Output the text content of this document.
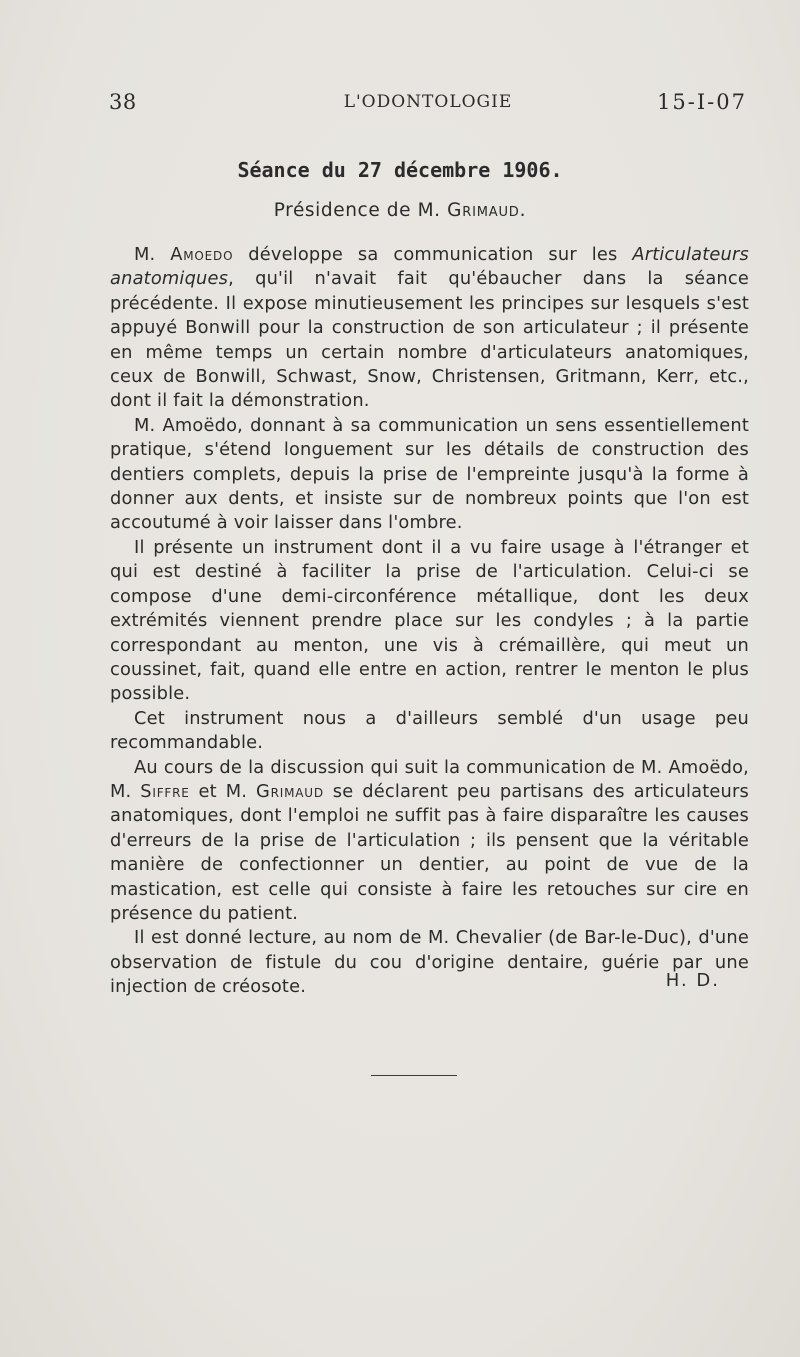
38	L'ODONTOLOGIE	15-I-07
Séance du 27 décembre 1906.
Présidence de M. Grimaud.

M. Amoedo développe sa communication sur les Articulateurs anatomiques, qu'il n'avait fait qu'ébaucher dans la séance précédente. Il expose minutieusement les principes sur lesquels s'est appuyé Bonwill pour la construction de son articulateur ; il présente en même temps un certain nombre d'articulateurs anatomiques, ceux de Bonwill, Schwast, Snow, Christensen, Gritmann, Kerr, etc., dont il fait la démonstration.

M. Amoëdo, donnant à sa communication un sens essentiellement pratique, s'étend longuement sur les détails de construction des dentiers complets, depuis la prise de l'empreinte jusqu'à la forme à donner aux dents, et insiste sur de nombreux points que l'on est accoutumé à voir laisser dans l'ombre.

Il présente un instrument dont il a vu faire usage à l'étranger et qui est destiné à faciliter la prise de l'articulation. Celui-ci se compose d'une demi-circonférence métallique, dont les deux extrémités viennent prendre place sur les condyles ; à la partie correspondant au menton, une vis à crémaillère, qui meut un coussinet, fait, quand elle entre en action, rentrer le menton le plus possible.

Cet instrument nous a d'ailleurs semblé d'un usage peu recommandable.

Au cours de la discussion qui suit la communication de M. Amoëdo, M. Siffre et M. Grimaud se déclarent peu partisans des articulateurs anatomiques, dont l'emploi ne suffit pas à faire disparaître les causes d'erreurs de la prise de l'articulation ; ils pensent que la véritable manière de confectionner un dentier, au point de vue de la mastication, est celle qui consiste à faire les retouches sur cire en présence du patient.

Il est donné lecture, au nom de M. Chevalier (de Bar-le-Duc), d'une observation de fistule du cou d'origine dentaire, guérie par une injection de créosote.	H. D.
